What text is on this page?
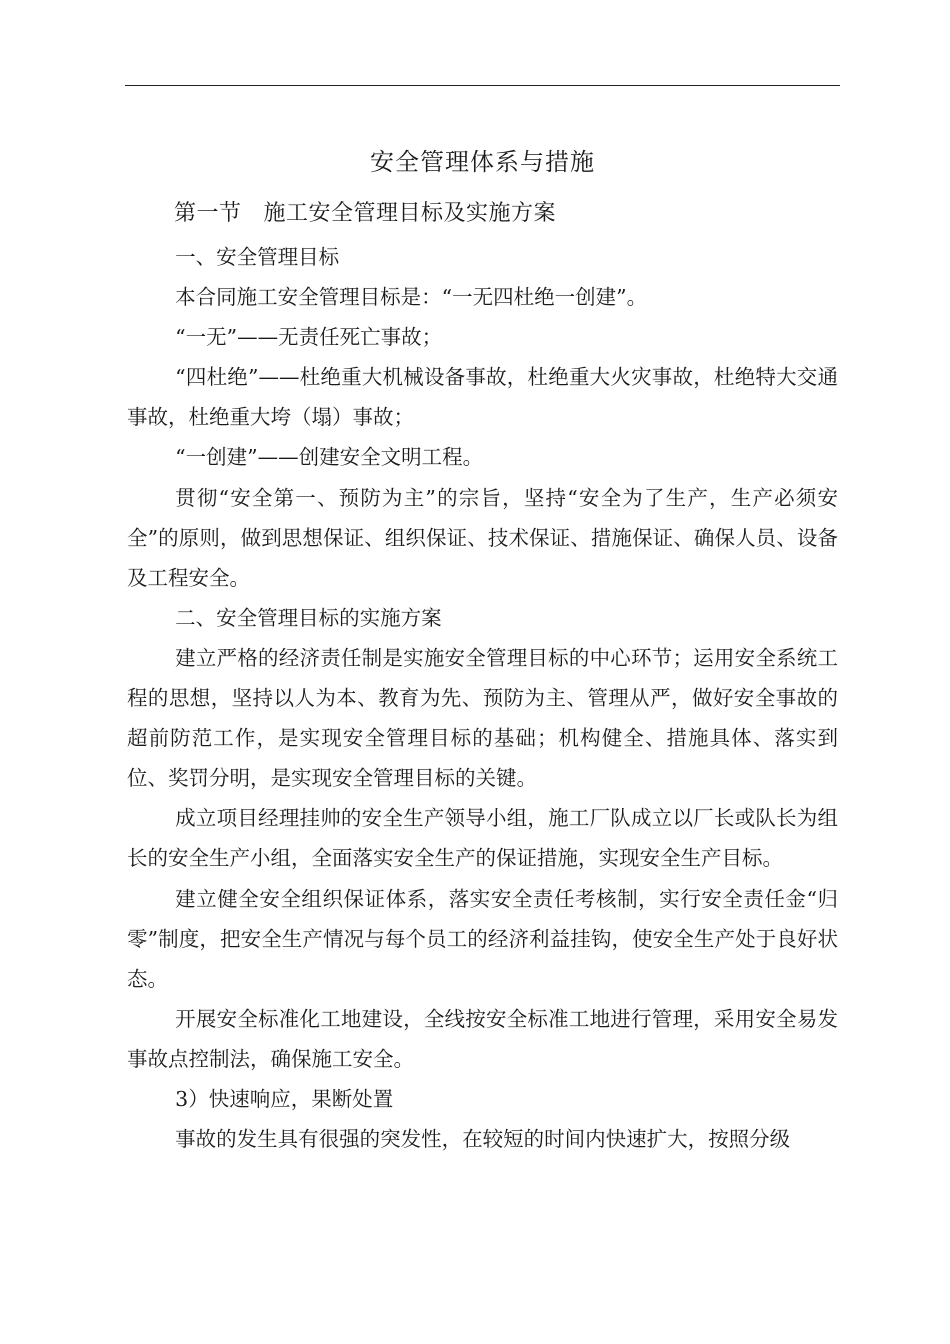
安全管理体系与措施
第一节 施工安全管理目标及实施方案

一、安全管理目标

本合同施工安全管理目标是：“一无四杜绝一创建”。

“一无”——无责任死亡事故；

“四杜绝”——杜绝重大机械设备事故，杜绝重大火灾事故，杜绝特大交通事故，杜绝重大垮（塌）事故；

“一创建”——创建安全文明工程。

贯彻“安全第一、预防为主”的宗旨，坚持“安全为了生产，生产必须安全”的原则，做到思想保证、组织保证、技术保证、措施保证、确保人员、设备及工程安全。

二、安全管理目标的实施方案

建立严格的经济责任制是实施安全管理目标的中心环节；运用安全系统工程的思想，坚持以人为本、教育为先、预防为主、管理从严，做好安全事故的超前防范工作，是实现安全管理目标的基础；机构健全、措施具体、落实到位、奖罚分明，是实现安全管理目标的关键。

成立项目经理挂帅的安全生产领导小组，施工厂队成立以厂长或队长为组长的安全生产小组，全面落实安全生产的保证措施，实现安全生产目标。

建立健全安全组织保证体系，落实安全责任考核制，实行安全责任金“归零”制度，把安全生产情况与每个员工的经济利益挂钩，使安全生产处于良好状态。

开展安全标准化工地建设，全线按安全标准工地进行管理，采用安全易发事故点控制法，确保施工安全。

3）快速响应，果断处置

事故的发生具有很强的突发性，在较短的时间内快速扩大，按照分级
